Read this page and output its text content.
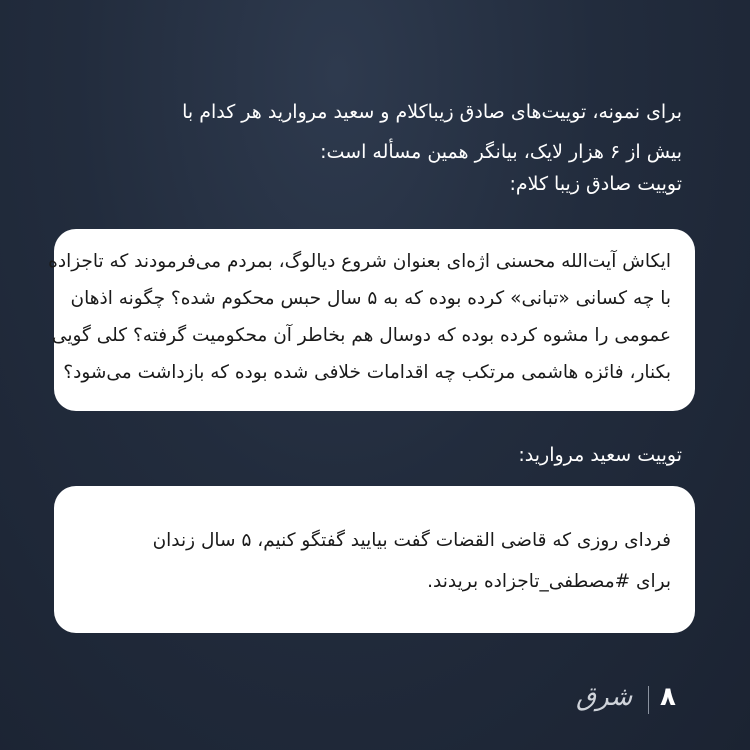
برای نمونه، توییت‌های صادق زیباکلام و سعید مروارید هر کدام با
بیش از ۶ هزار لایک، بیانگر همین مسأله است:
توییت صادق زیبا کلام:
ایکاش آیت‌الله محسنی اژه‌ای بعنوان شروع دیالوگ، بمردم می‌فرمودند که تاجزاده
با چه کسانی «تبانی» کرده بوده که به ۵ سال حبس محکوم شده؟ چگونه اذهان
عمومی را مشوه کرده بوده که دوسال هم بخاطر آن محکومیت گرفته؟ کلی گویی
بکنار، فائزه هاشمی مرتکب چه اقدامات خلافی شده بوده که بازداشت می‌شود؟
توییت سعید مروارید:
فردای روزی که قاضی القضات گفت بیایید گفتگو کنیم، ۵ سال زندان
برای #مصطفی_تاجزاده بریدند.
شرق ۸
